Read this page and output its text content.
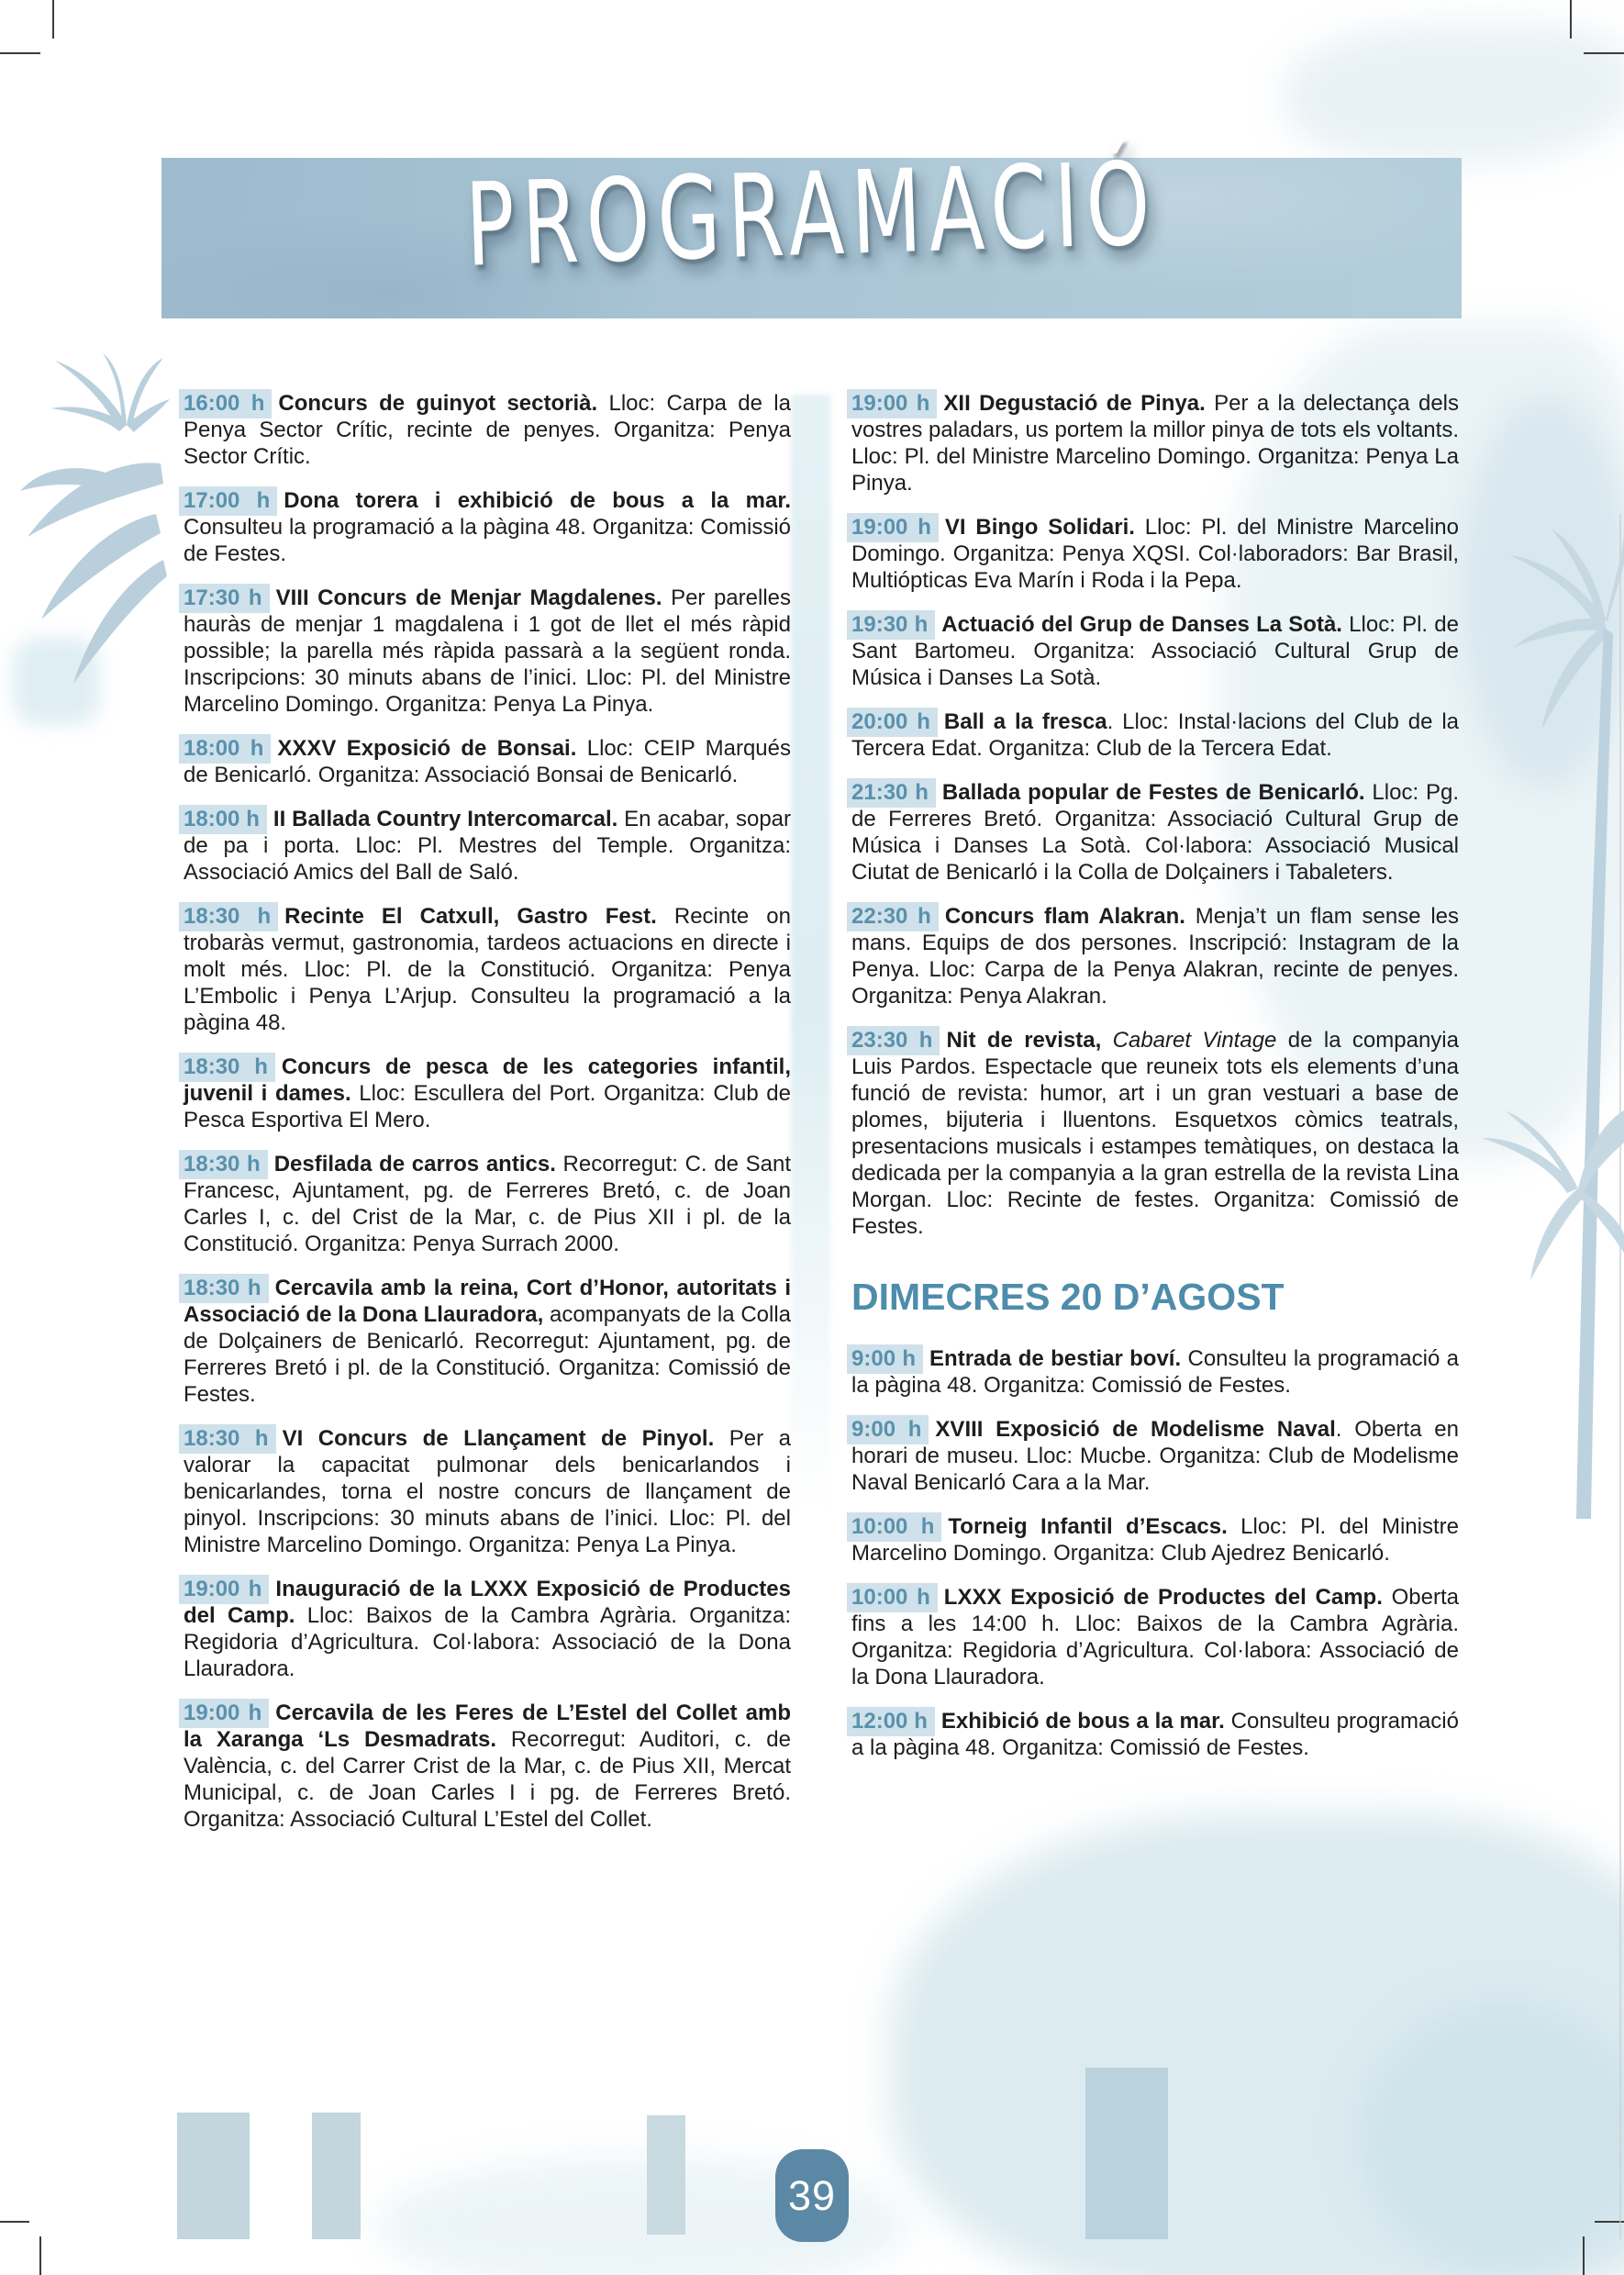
PROGRAMACIÓ

16:00 h Concurs de guinyot sectorià. Lloc: Carpa de la Penya Sector Crític, recinte de penyes. Organitza: Penya Sector Crític.

17:00 h Dona torera i exhibició de bous a la mar. Consulteu la programació a la pàgina 48. Organitza: Comissió de Festes.

17:30 h VIII Concurs de Menjar Magdalenes. Per parelles hauràs de menjar 1 magdalena i 1 got de llet el més ràpid possible; la parella més ràpida passarà a la següent ronda. Inscripcions: 30 minuts abans de l’inici. Lloc: Pl. del Ministre Marcelino Domingo. Organitza: Penya La Pinya.

18:00 h XXXV Exposició de Bonsai. Lloc: CEIP Marqués de Benicarló. Organitza: Associació Bonsai de Benicarló.

18:00 h II Ballada Country Intercomarcal. En acabar, sopar de pa i porta. Lloc: Pl. Mestres del Temple. Organitza: Associació Amics del Ball de Saló.

18:30 h Recinte El Catxull, Gastro Fest. Recinte on trobaràs vermut, gastronomia, tardeos actuacions en directe i molt més. Lloc: Pl. de la Constitució. Organitza: Penya L’Embolic i Penya L’Arjup. Consulteu la programació a la pàgina 48.

18:30 h Concurs de pesca de les categories infantil, juvenil i dames. Lloc: Escullera del Port. Organitza: Club de Pesca Esportiva El Mero.

18:30 h Desfilada de carros antics. Recorregut: C. de Sant Francesc, Ajuntament, pg. de Ferreres Bretó, c. de Joan Carles I, c. del Crist de la Mar, c. de Pius XII i pl. de la Constitució. Organitza: Penya Surrach 2000.

18:30 h Cercavila amb la reina, Cort d’Honor, autoritats i Associació de la Dona Llauradora, acompanyats de la Colla de Dolçainers de Benicarló. Recorregut: Ajuntament, pg. de Ferreres Bretó i pl. de la Constitució. Organitza: Comissió de Festes.

18:30 h VI Concurs de Llançament de Pinyol. Per a valorar la capacitat pulmonar dels benicarlandos i benicarlandes, torna el nostre concurs de llançament de pinyol. Inscripcions: 30 minuts abans de l’inici. Lloc: Pl. del Ministre Marcelino Domingo. Organitza: Penya La Pinya.

19:00 h Inauguració de la LXXX Exposició de Productes del Camp. Lloc: Baixos de la Cambra Agrària. Organitza: Regidoria d’Agricultura. Col·labora: Associació de la Dona Llauradora.

19:00 h Cercavila de les Feres de L’Estel del Collet amb la Xaranga ‘Ls Desmadrats. Recorregut: Auditori, c. de València, c. del Carrer Crist de la Mar, c. de Pius XII, Mercat Municipal, c. de Joan Carles I i pg. de Ferreres Bretó. Organitza: Associació Cultural L’Estel del Collet.

19:00 h XII Degustació de Pinya. Per a la delectança dels vostres paladars, us portem la millor pinya de tots els voltants. Lloc: Pl. del Ministre Marcelino Domingo. Organitza: Penya La Pinya.

19:00 h VI Bingo Solidari. Lloc: Pl. del Ministre Marcelino Domingo. Organitza: Penya XQSI. Col·laboradors: Bar Brasil, Multiópticas Eva Marín i Roda i la Pepa.

19:30 h Actuació del Grup de Danses La Sotà. Lloc: Pl. de Sant Bartomeu. Organitza: Associació Cultural Grup de Música i Danses La Sotà.

20:00 h Ball a la fresca. Lloc: Instal·lacions del Club de la Tercera Edat. Organitza: Club de la Tercera Edat.

21:30 h Ballada popular de Festes de Benicarló. Lloc: Pg. de Ferreres Bretó. Organitza: Associació Cultural Grup de Música i Danses La Sotà. Col·labora: Associació Musical Ciutat de Benicarló i la Colla de Dolçainers i Tabaleters.

22:30 h Concurs flam Alakran. Menja’t un flam sense les mans. Equips de dos persones. Inscripció: Instagram de la Penya. Lloc: Carpa de la Penya Alakran, recinte de penyes. Organitza: Penya Alakran.

23:30 h Nit de revista, Cabaret Vintage de la companyia Luis Pardos. Espectacle que reuneix tots els elements d’una funció de revista: humor, art i un gran vestuari a base de plomes, bijuteria i lluentons. Esquetxos còmics teatrals, presentacions musicals i estampes temàtiques, on destaca la dedicada per la companyia a la gran estrella de la revista Lina Morgan. Lloc: Recinte de festes. Organitza: Comissió de Festes.

DIMECRES 20 D’AGOST

9:00 h Entrada de bestiar boví. Consulteu la programació a la pàgina 48. Organitza: Comissió de Festes.

9:00 h XVIII Exposició de Modelisme Naval. Oberta en horari de museu. Lloc: Mucbe. Organitza: Club de Modelisme Naval Benicarló Cara a la Mar.

10:00 h Torneig Infantil d’Escacs. Lloc: Pl. del Ministre Marcelino Domingo. Organitza: Club Ajedrez Benicarló.

10:00 h LXXX Exposició de Productes del Camp. Oberta fins a les 14:00 h. Lloc: Baixos de la Cambra Agrària. Organitza: Regidoria d’Agricultura. Col·labora: Associació de la Dona Llauradora.

12:00 h Exhibició de bous a la mar. Consulteu programació a la pàgina 48. Organitza: Comissió de Festes.

39
